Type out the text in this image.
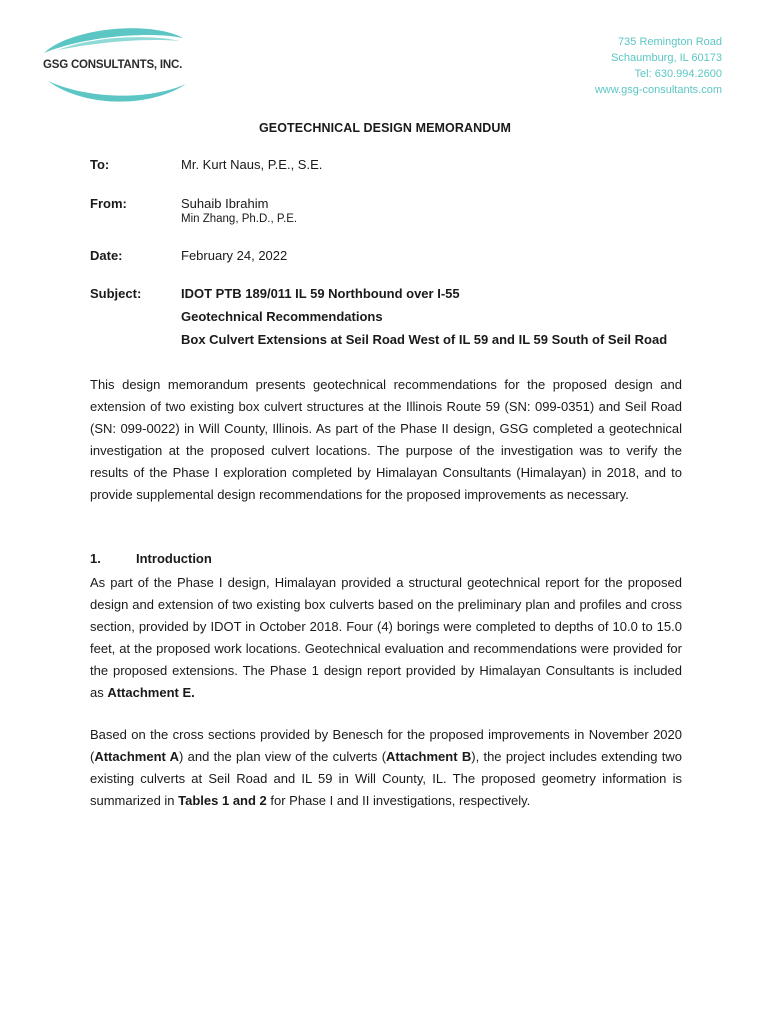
GSG CONSULTANTS, INC.
735 Remington Road
Schaumburg, IL 60173
Tel: 630.994.2600
www.gsg-consultants.com
GEOTECHNICAL DESIGN MEMORANDUM
To:	Mr. Kurt Naus, P.E., S.E.
From:	Suhaib Ibrahim
Min Zhang, Ph.D., P.E.
Date:	February 24, 2022
Subject:	IDOT PTB 189/011 IL 59 Northbound over I-55
Geotechnical Recommendations
Box Culvert Extensions at Seil Road West of IL 59 and IL 59 South of Seil Road

This design memorandum presents geotechnical recommendations for the proposed design and extension of two existing box culvert structures at the Illinois Route 59 (SN: 099-0351) and Seil Road (SN: 099-0022) in Will County, Illinois. As part of the Phase II design, GSG completed a geotechnical investigation at the proposed culvert locations. The purpose of the investigation was to verify the results of the Phase I exploration completed by Himalayan Consultants (Himalayan) in 2018, and to provide supplemental design recommendations for the proposed improvements as necessary.

1.	Introduction

As part of the Phase I design, Himalayan provided a structural geotechnical report for the proposed design and extension of two existing box culverts based on the preliminary plan and profiles and cross section, provided by IDOT in October 2018. Four (4) borings were completed to depths of 10.0 to 15.0 feet, at the proposed work locations. Geotechnical evaluation and recommendations were provided for the proposed extensions. The Phase 1 design report provided by Himalayan Consultants is included as Attachment E.

Based on the cross sections provided by Benesch for the proposed improvements in November 2020 (Attachment A) and the plan view of the culverts (Attachment B), the project includes extending two existing culverts at Seil Road and IL 59 in Will County, IL. The proposed geometry information is summarized in Tables 1 and 2 for Phase I and II investigations, respectively.
